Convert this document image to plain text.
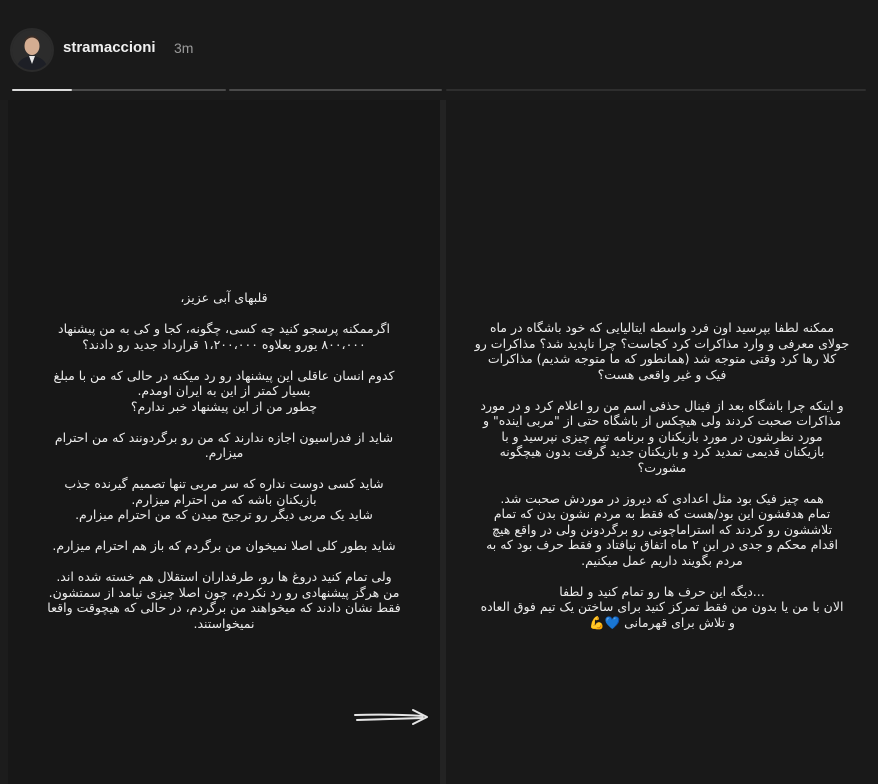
stramaccioni 3m

قلبهای آبی عزیز،

اگرممکنه پرسجو کنید چه کسی، چگونه، کجا و کی به من پیشنهاد
۸۰۰،۰۰۰ یورو بعلاوه ۱،۲۰۰،۰۰۰ قرارداد جدید رو دادند؟

کدوم انسان عاقلی این پیشنهاد رو رد میکنه در حالی که من با مبلغ
بسیار کمتر از این به ایران اومدم.
چطور من از این پیشنهاد خبر ندارم؟

شاید از فدراسیون اجازه ندارند که من رو برگردونند که من احترام
میزارم.

شاید کسی دوست نداره که سر مربی تنها تصمیم گیرنده جذب
بازیکنان باشه که من احترام میزارم.
شاید یک مربی دیگر رو ترجیح میدن که من احترام میزارم.

شاید بطور کلی اصلا نمیخوان من برگردم که باز هم احترام میزارم.

ولی تمام کنید دروغ ها رو، طرفداران استقلال هم خسته شده اند.
من هرگز پیشنهادی رو رد نکردم، چون اصلا چیزی نیامد از سمتشون.
فقط نشان دادند که میخواهند من برگردم، در حالی که هیچوقت واقعا
نمیخواستند.

ممکنه لطفا بپرسید اون فرد واسطه ایتالیایی که خود باشگاه در ماه
جولای معرفی و وارد مذاکرات کرد کجاست؟ چرا ناپدید شد؟ مذاکرات رو
کلا رها کرد وقتی متوجه شد (همانطور که ما متوجه شدیم) مذاکرات
فیک و غیر واقعی هست؟

و اینکه چرا باشگاه بعد از فینال حذفی اسم من رو اعلام کرد و در مورد
مذاکرات صحبت کردند ولی هیچکس از باشگاه حتی از "مربی اینده" و
مورد نظرشون در مورد بازیکنان و برنامه تیم چیزی نپرسید و با
بازیکنان قدیمی تمدید کرد و بازیکنان جدید گرفت بدون هیچگونه
مشورت؟

همه چیز فیک بود مثل اعدادی که دیروز در موردش صحبت شد.
تمام هدفشون این بود/هست که فقط به مردم نشون بدن که تمام
تلاششون رو کردند که استراماچونی رو برگردونن ولی در واقع هیچ
اقدام محکم و جدی در این ۲ ماه اتفاق نیافتاد و فقط حرف بود که به
مردم بگویند داریم عمل میکنیم.

...دیگه این حرف ها رو تمام کنید و لطفا
الان با من یا بدون من فقط تمرکز کنید برای ساختن یک تیم فوق العاده
و تلاش برای قهرمانی 💙💪
